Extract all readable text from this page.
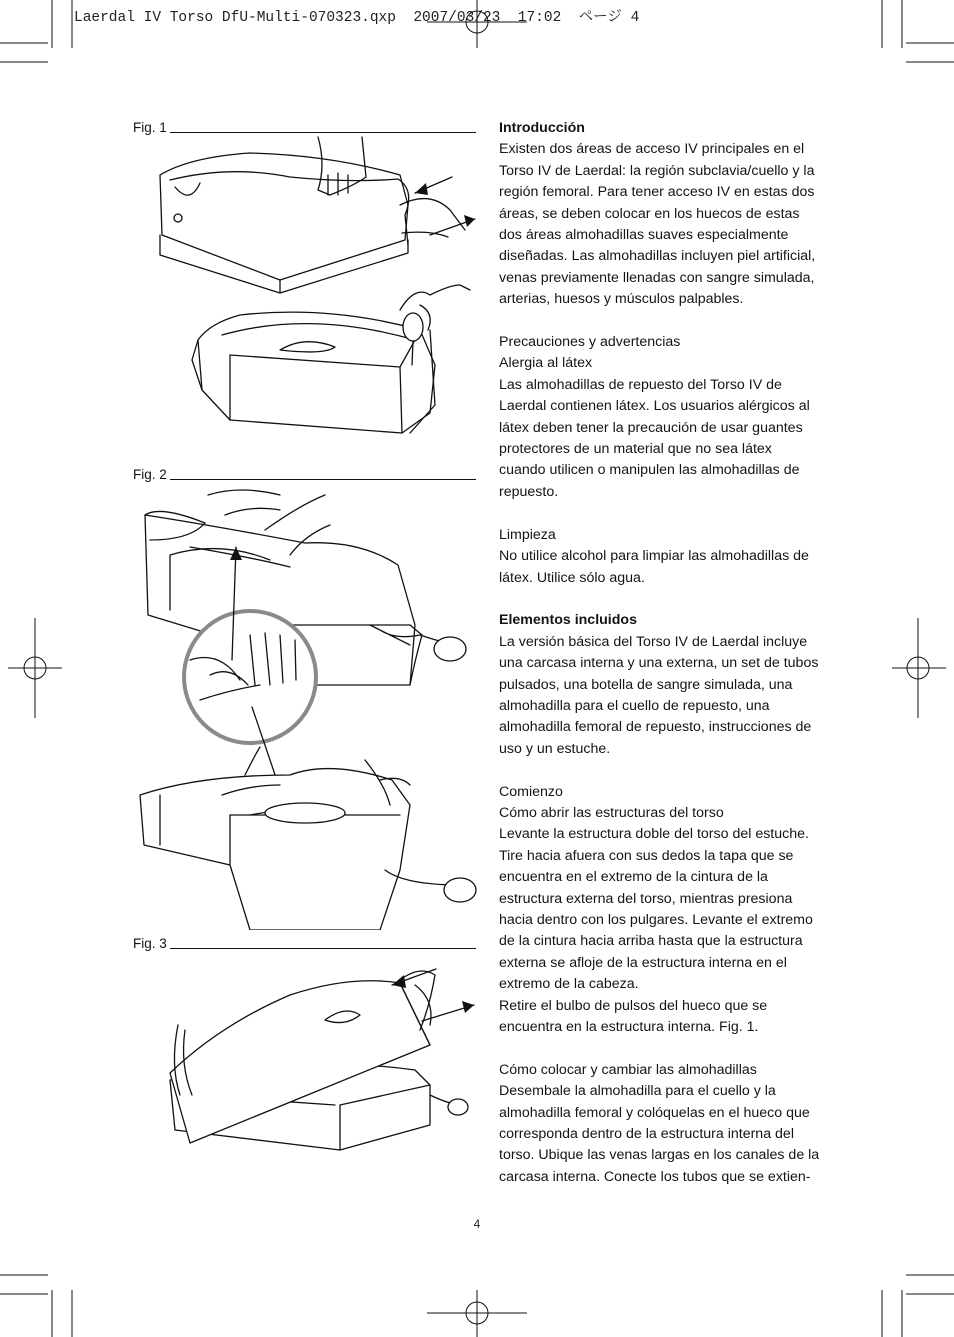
Laerdal IV Torso DfU-Multi-070323.qxp  2007/03/23  17:02  ページ 4
Fig. 1
Fig. 2
Fig. 3
Introducción

Existen dos áreas de acceso IV principales en el Torso IV de Laerdal: la región subclavia/cuello y la región femoral. Para tener acceso IV en estas dos áreas, se deben colocar en los huecos de estas dos áreas almohadillas suaves especialmente diseñadas. Las almohadillas incluyen piel artificial, venas previamente llenadas con sangre simulada, arterias, huesos y músculos palpables.

Precauciones y advertencias

Alergia al látex

Las almohadillas de repuesto del Torso IV de Laerdal contienen látex. Los usuarios alérgicos al látex deben tener la precaución de usar guantes protectores de un material que no sea látex cuando utilicen o manipulen las almohadillas de repuesto.

Limpieza

No utilice alcohol para limpiar las almohadillas de látex. Utilice sólo agua.

Elementos incluidos

La versión básica del Torso IV de Laerdal incluye una carcasa interna y una externa, un set de tubos pulsados, una botella de sangre simulada, una almohadilla para el cuello de repuesto, una almohadilla femoral de repuesto, instrucciones de uso y un estuche.

Comienzo

Cómo abrir las estructuras del torso

Levante la estructura doble del torso del estuche. Tire hacia afuera con sus dedos la tapa que se encuentra en el extremo de la cintura de la estructura externa del torso, mientras presiona hacia dentro con los pulgares. Levante el extremo de la cintura hacia arriba hasta que la estructura externa se afloje de la estructura interna en el extremo de la cabeza.

Retire el bulbo de pulsos del hueco que se encuentra en la estructura interna. Fig. 1.

Cómo colocar y cambiar las almohadillas

Desembale la almohadilla para el cuello y la almohadilla femoral y colóquelas en el hueco que corresponda dentro de la estructura interna del torso. Ubique las venas largas en los canales de la carcasa interna. Conecte los tubos que se extien-

4
